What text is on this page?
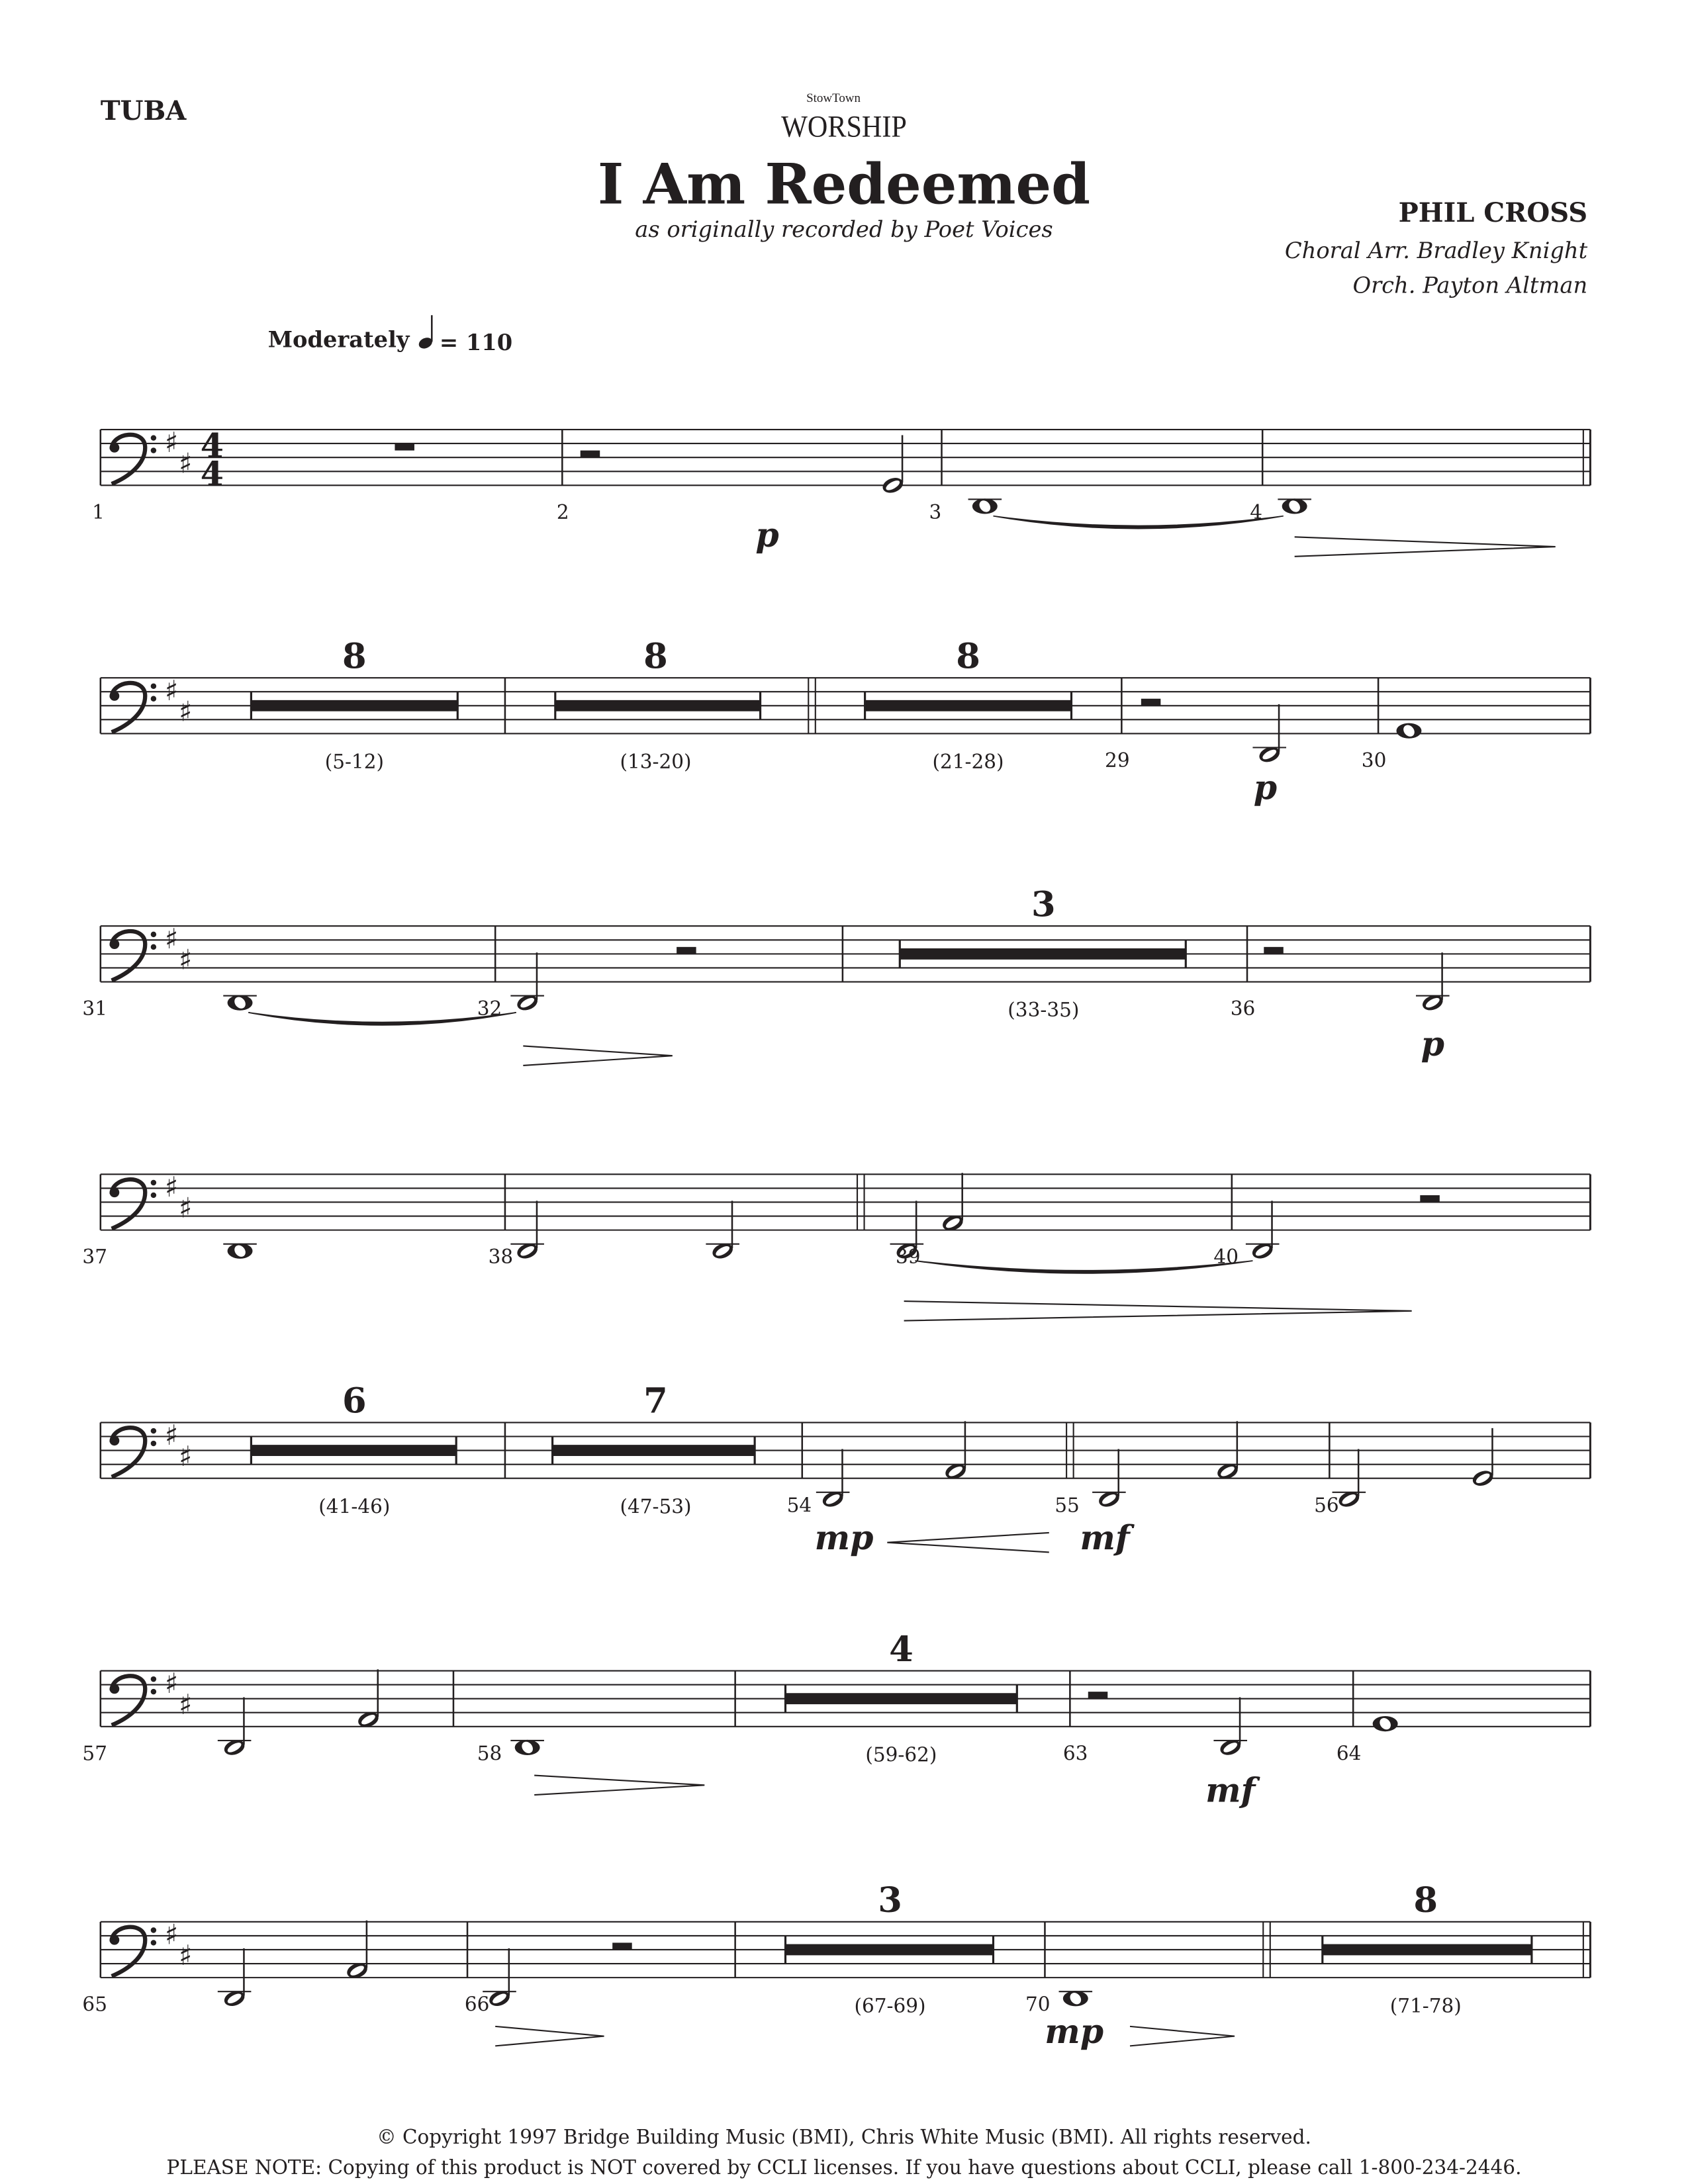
TUBA	StowTown
WORSHIP
I Am Redeemed
as originally recorded by Poet Voices
PHIL CROSS
Choral Arr. Bradley Knight
Orch. Payton Altman
Moderately	= 110
♯
♯ 4
4
1	2	3	4
p
♯
♯
29	30
p
8
(5-12)
8
(13-20)
8
(21-28)
♯
♯
31	32	36
p
3
(33-35)
♯
♯
37	38	39	40
♯
♯
54	55	56
mp	mf
6
(41-46)
7
(47-53)
♯
♯
57	58	63	64
mf
4
(59-62)
♯
♯
65	66	70
mp
3
(67-69)
8
(71-78)
© Copyright 1997 Bridge Building Music (BMI), Chris White Music (BMI). All rights reserved.
PLEASE NOTE: Copying of this product is NOT covered by CCLI licenses. If you have questions about CCLI, please call 1-800-234-2446.
